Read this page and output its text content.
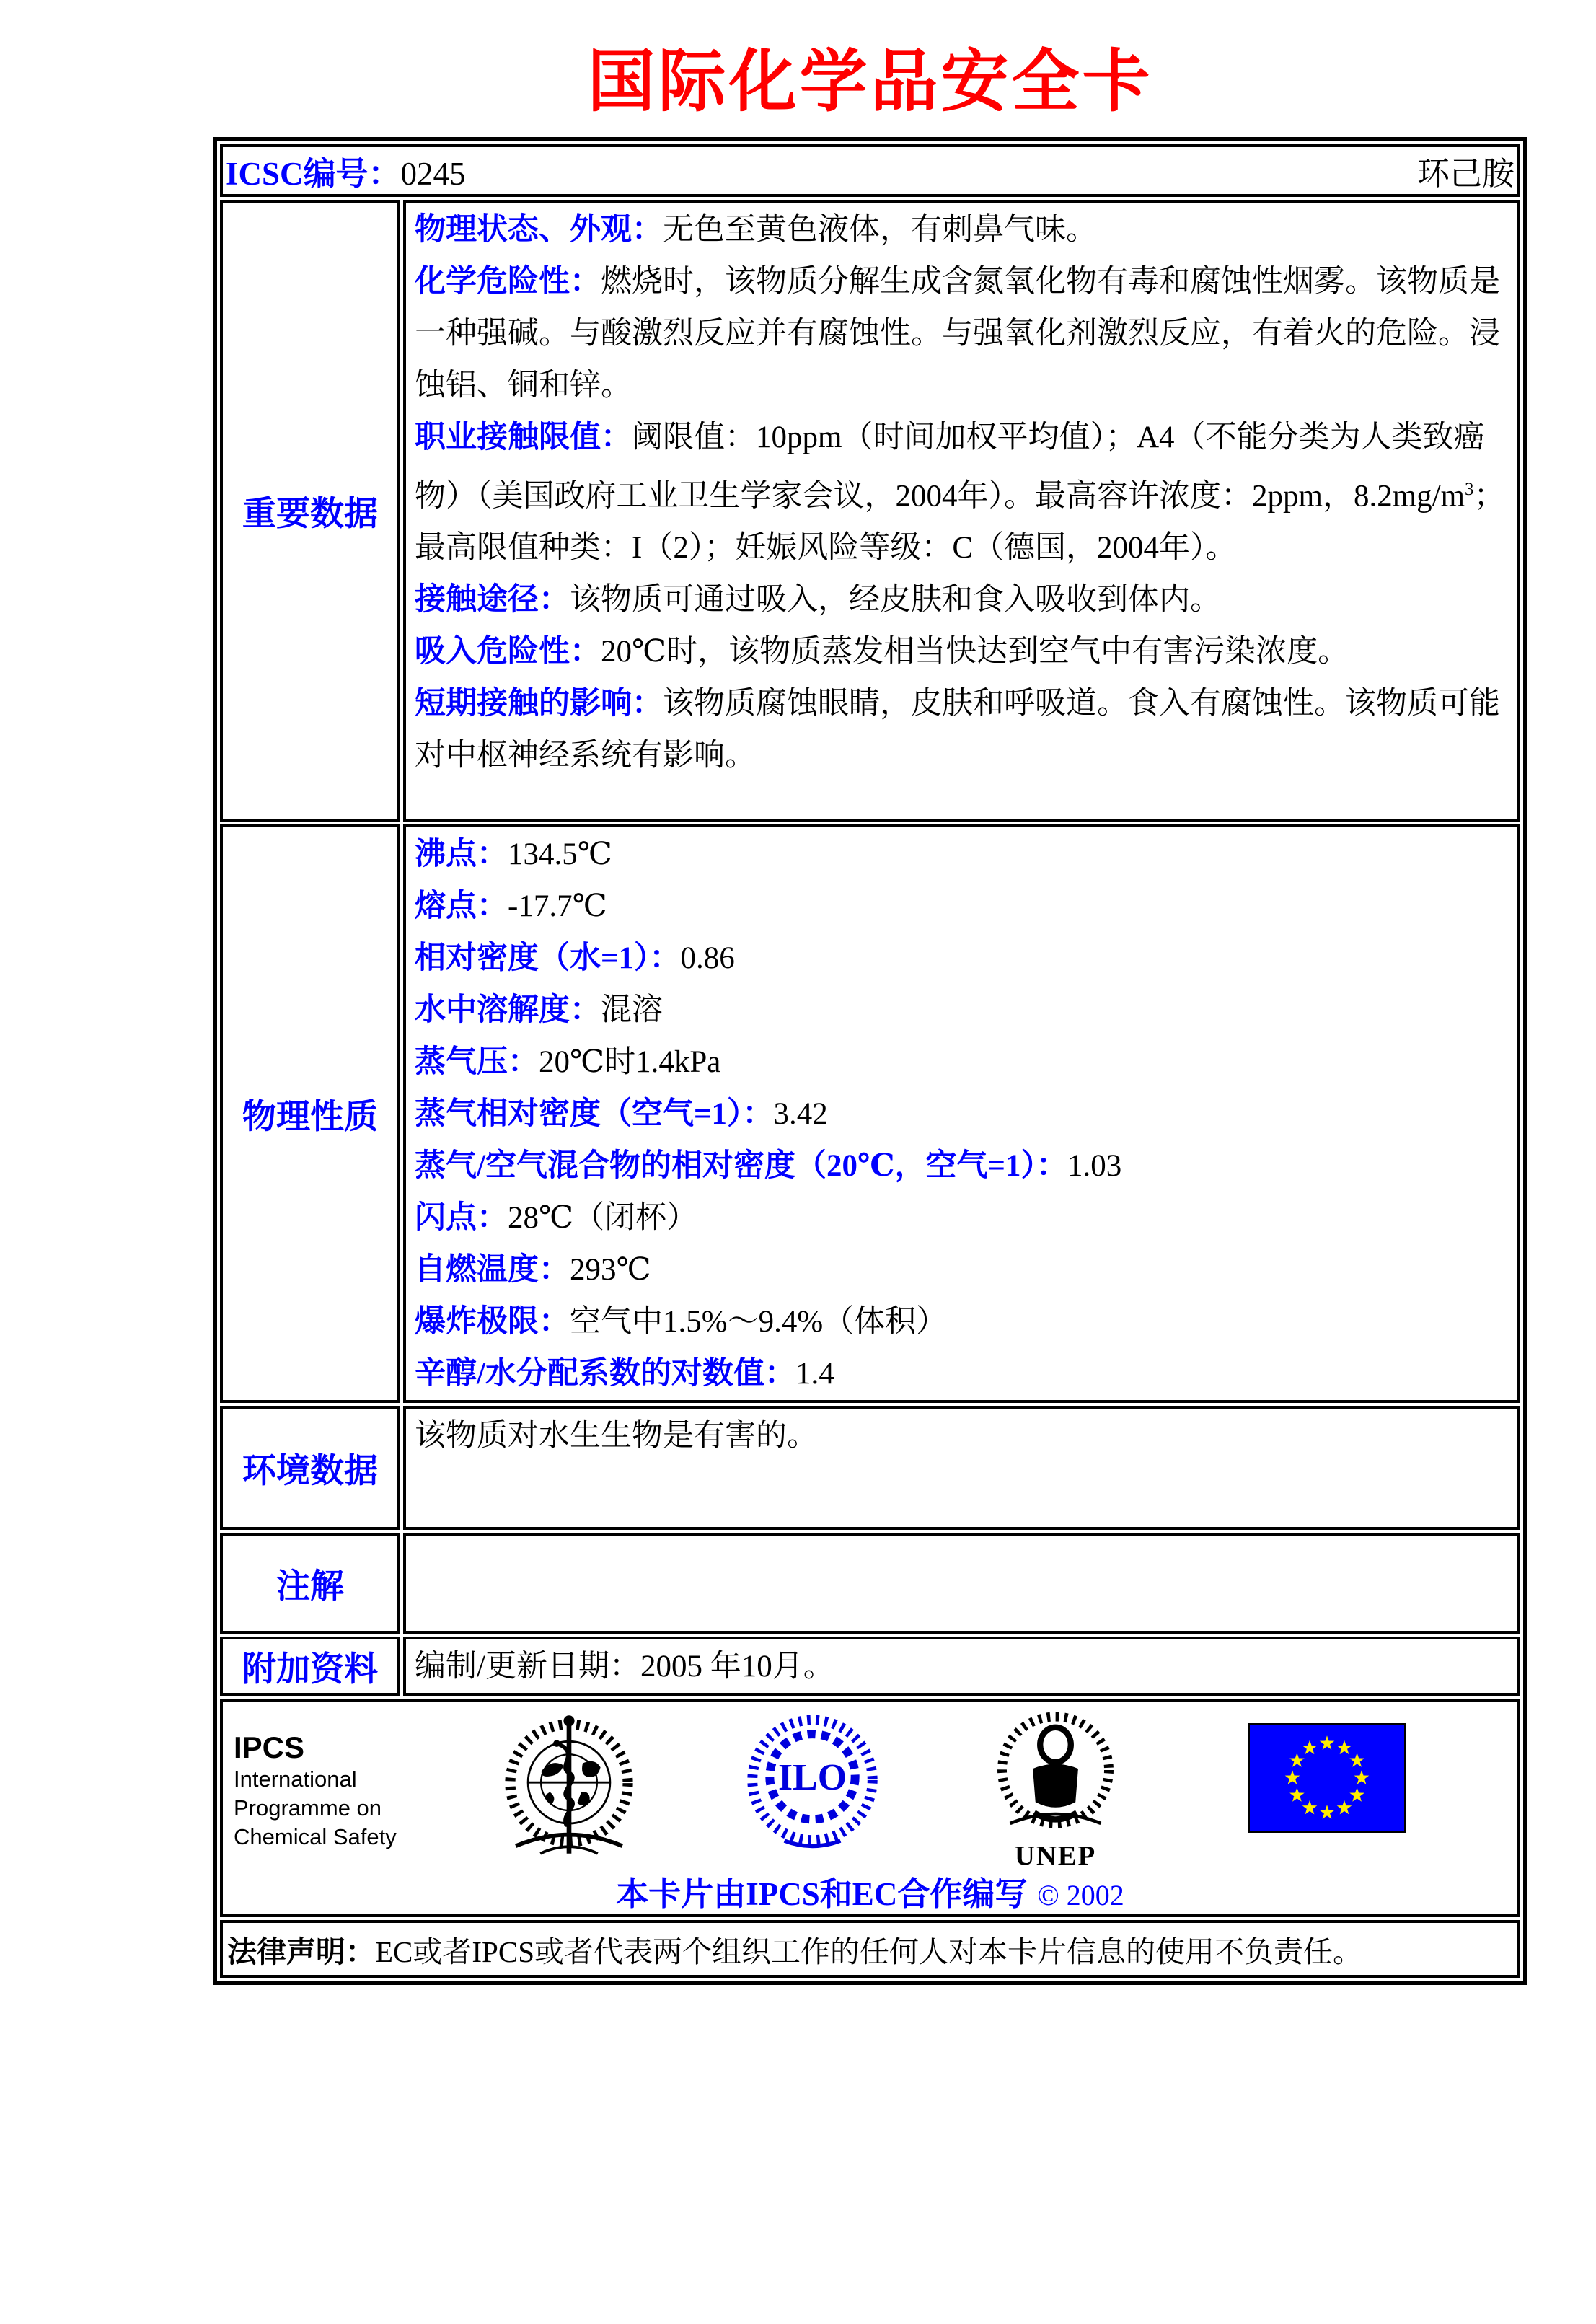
国际化学品安全卡
ICSC编号：0245 环己胺	

重要数据	
物理状态、外观：无色至黄色液体，有刺鼻气味。
化学危险性：燃烧时，该物质分解生成含氮氧化物有毒和腐蚀性烟雾。该物质是一种强碱。与酸激烈反应并有腐蚀性。与强氧化剂激烈反应，有着火的危险。浸蚀铝、铜和锌。
职业接触限值：阈限值：10ppm（时间加权平均值）；A4（不能分类为人类致癌物）（美国政府工业卫生学家会议，2004年）。最高容许浓度：2ppm，$8.2mg/m^3$；最高限值种类：I（2）；妊娠风险等级：C（德国，2004年）。
接触途径：该物质可通过吸入，经皮肤和食入吸收到体内。
吸入危险性：20℃时，该物质蒸发相当快达到空气中有害污染浓度。
短期接触的影响：该物质腐蚀眼睛，皮肤和呼吸道。食入有腐蚀性。该物质可能对中枢神经系统有影响。

物理性质	
沸点：134.5℃
熔点：-17.7℃
相对密度（水=1）：0.86
水中溶解度：混溶
蒸气压：20℃时1.4kPa
蒸气相对密度（空气=1）：3.42
蒸气/空气混合物的相对密度（20℃，空气=1）：1.03
闪点：28℃（闭杯）
自燃温度：293℃
爆炸极限：空气中1.5%～9.4%（体积）
辛醇/水分配系数的对数值：1.4

环境数据	该物质对水生生物是有害的。

注解	

附加资料	编制/更新日期：2005 年10月。

IPCS
International
Programme on
Chemical Safety
ILO
UNEP
本卡片由IPCS和EC合作编写 © 2002

法律声明： EC或者IPCS或者代表两个组织工作的任何人对本卡片信息的使用不负责任。	
